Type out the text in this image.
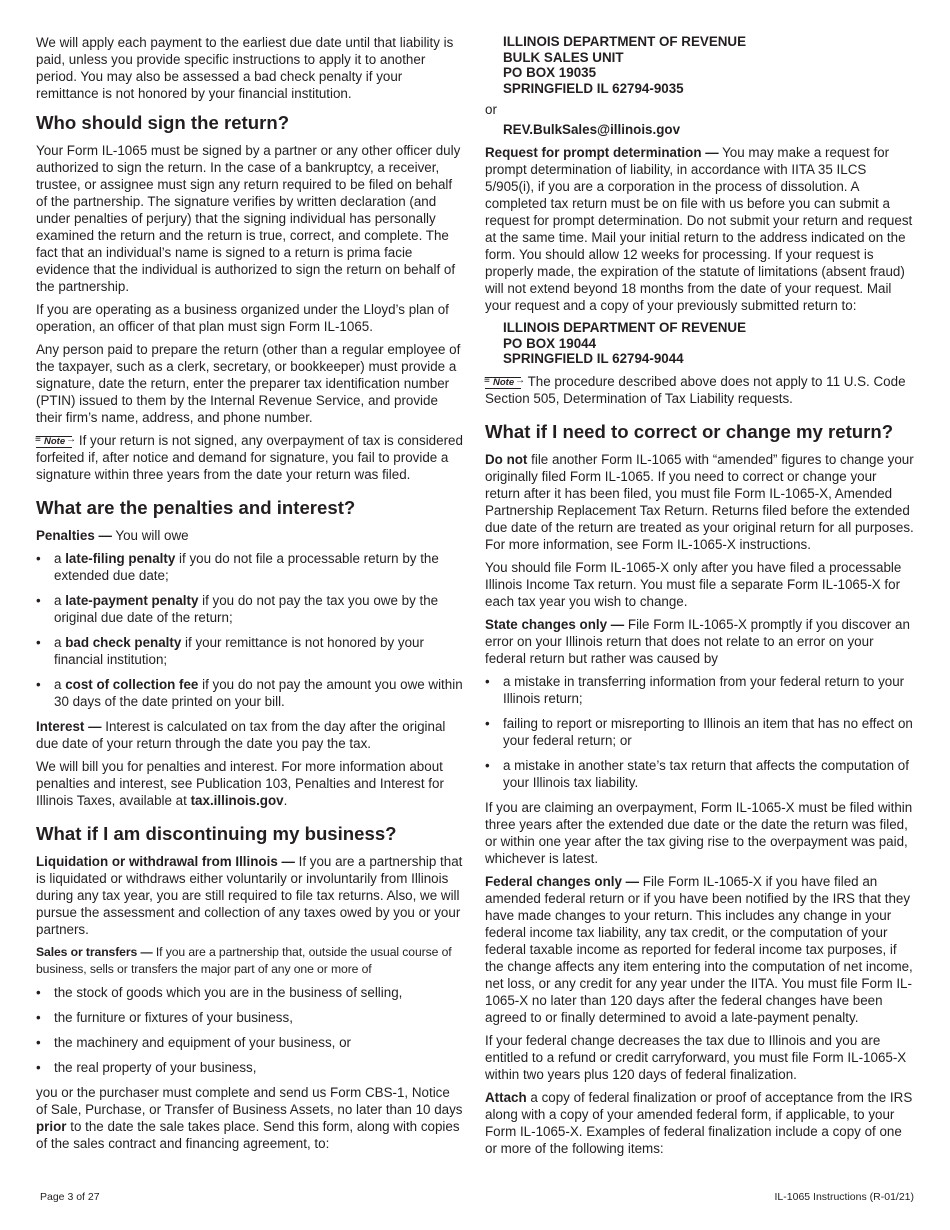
We will apply each payment to the earliest due date until that liability is paid, unless you provide specific instructions to apply it to another period. You may also be assessed a bad check penalty if your remittance is not honored by your financial institution.

Who should sign the return?

Your Form IL-1065 must be signed by a partner or any other officer duly authorized to sign the return. In the case of a bankruptcy, a receiver, trustee, or assignee must sign any return required to be filed on behalf of the partnership. The signature verifies by written declaration (and under penalties of perjury) that the signing individual has personally examined the return and the return is true, correct, and complete. The fact that an individual’s name is signed to a return is prima facie evidence that the individual is authorized to sign the return on behalf of the partnership.

If you are operating as a business organized under the Lloyd’s plan of operation, an officer of that plan must sign Form IL-1065.

Any person paid to prepare the return (other than a regular employee of the taxpayer, such as a clerk, secretary, or bookkeeper) must provide a signature, date the return, enter the preparer tax identification number (PTIN) issued to them by the Internal Revenue Service, and provide their firm’s name, address, and phone number.

≡ Note → If your return is not signed, any overpayment of tax is considered forfeited if, after notice and demand for signature, you fail to provide a signature within three years from the date your return was filed.

What are the penalties and interest?

Penalties — You will owe

• a late-filing penalty if you do not file a processable return by the extended due date;
• a late-payment penalty if you do not pay the tax you owe by the original due date of the return;
• a bad check penalty if your remittance is not honored by your financial institution;
• a cost of collection fee if you do not pay the amount you owe within 30 days of the date printed on your bill.

Interest — Interest is calculated on tax from the day after the original due date of your return through the date you pay the tax.

We will bill you for penalties and interest. For more information about penalties and interest, see Publication 103, Penalties and Interest for Illinois Taxes, available at tax.illinois.gov.

What if I am discontinuing my business?

Liquidation or withdrawal from Illinois — If you are a partnership that is liquidated or withdraws either voluntarily or involuntarily from Illinois during any tax year, you are still required to file tax returns. Also, we will pursue the assessment and collection of any taxes owed by you or your partners.

Sales or transfers — If you are a partnership that, outside the usual course of business, sells or transfers the major part of any one or more of

• the stock of goods which you are in the business of selling,
• the furniture or fixtures of your business,
• the machinery and equipment of your business, or
• the real property of your business,

you or the purchaser must complete and send us Form CBS-1, Notice of Sale, Purchase, or Transfer of Business Assets, no later than 10 days prior to the date the sale takes place. Send this form, along with copies of the sales contract and financing agreement, to:

ILLINOIS DEPARTMENT OF REVENUE
BULK SALES UNIT
PO BOX 19035
SPRINGFIELD IL 62794-9035
or
REV.BulkSales@illinois.gov

Request for prompt determination — You may make a request for prompt determination of liability, in accordance with IITA 35 ILCS 5/905(i), if you are a corporation in the process of dissolution. A completed tax return must be on file with us before you can submit a request for prompt determination. Do not submit your return and request at the same time. Mail your initial return to the address indicated on the form. You should allow 12 weeks for processing. If your request is properly made, the expiration of the statute of limitations (absent fraud) will not extend beyond 18 months from the date of your request. Mail your request and a copy of your previously submitted return to:

ILLINOIS DEPARTMENT OF REVENUE
PO BOX 19044
SPRINGFIELD IL 62794-9044

≡ Note → The procedure described above does not apply to 11 U.S. Code Section 505, Determination of Tax Liability requests.

What if I need to correct or change my return?

Do not file another Form IL-1065 with “amended” figures to change your originally filed Form IL-1065. If you need to correct or change your return after it has been filed, you must file Form IL-1065-X, Amended Partnership Replacement Tax Return. Returns filed before the extended due date of the return are treated as your original return for all purposes. For more information, see Form IL-1065-X instructions.

You should file Form IL-1065-X only after you have filed a processable Illinois Income Tax return. You must file a separate Form IL-1065-X for each tax year you wish to change.

State changes only — File Form IL-1065-X promptly if you discover an error on your Illinois return that does not relate to an error on your federal return but rather was caused by

• a mistake in transferring information from your federal return to your Illinois return;
• failing to report or misreporting to Illinois an item that has no effect on your federal return; or
• a mistake in another state’s tax return that affects the computation of your Illinois tax liability.

If you are claiming an overpayment, Form IL-1065-X must be filed within three years after the extended due date or the date the return was filed, or within one year after the tax giving rise to the overpayment was paid, whichever is latest.

Federal changes only — File Form IL-1065-X if you have filed an amended federal return or if you have been notified by the IRS that they have made changes to your return. This includes any change in your federal income tax liability, any tax credit, or the computation of your federal taxable income as reported for federal income tax purposes, if the change affects any item entering into the computation of net income, net loss, or any credit for any year under the IITA. You must file Form IL-1065-X no later than 120 days after the federal changes have been agreed to or finally determined to avoid a late-payment penalty.

If your federal change decreases the tax due to Illinois and you are entitled to a refund or credit carryforward, you must file Form IL-1065-X within two years plus 120 days of federal finalization.

Attach a copy of federal finalization or proof of acceptance from the IRS along with a copy of your amended federal form, if applicable, to your Form IL-1065-X. Examples of federal finalization include a copy of one or more of the following items:

Page 3 of 27	IL-1065 Instructions (R-01/21)
